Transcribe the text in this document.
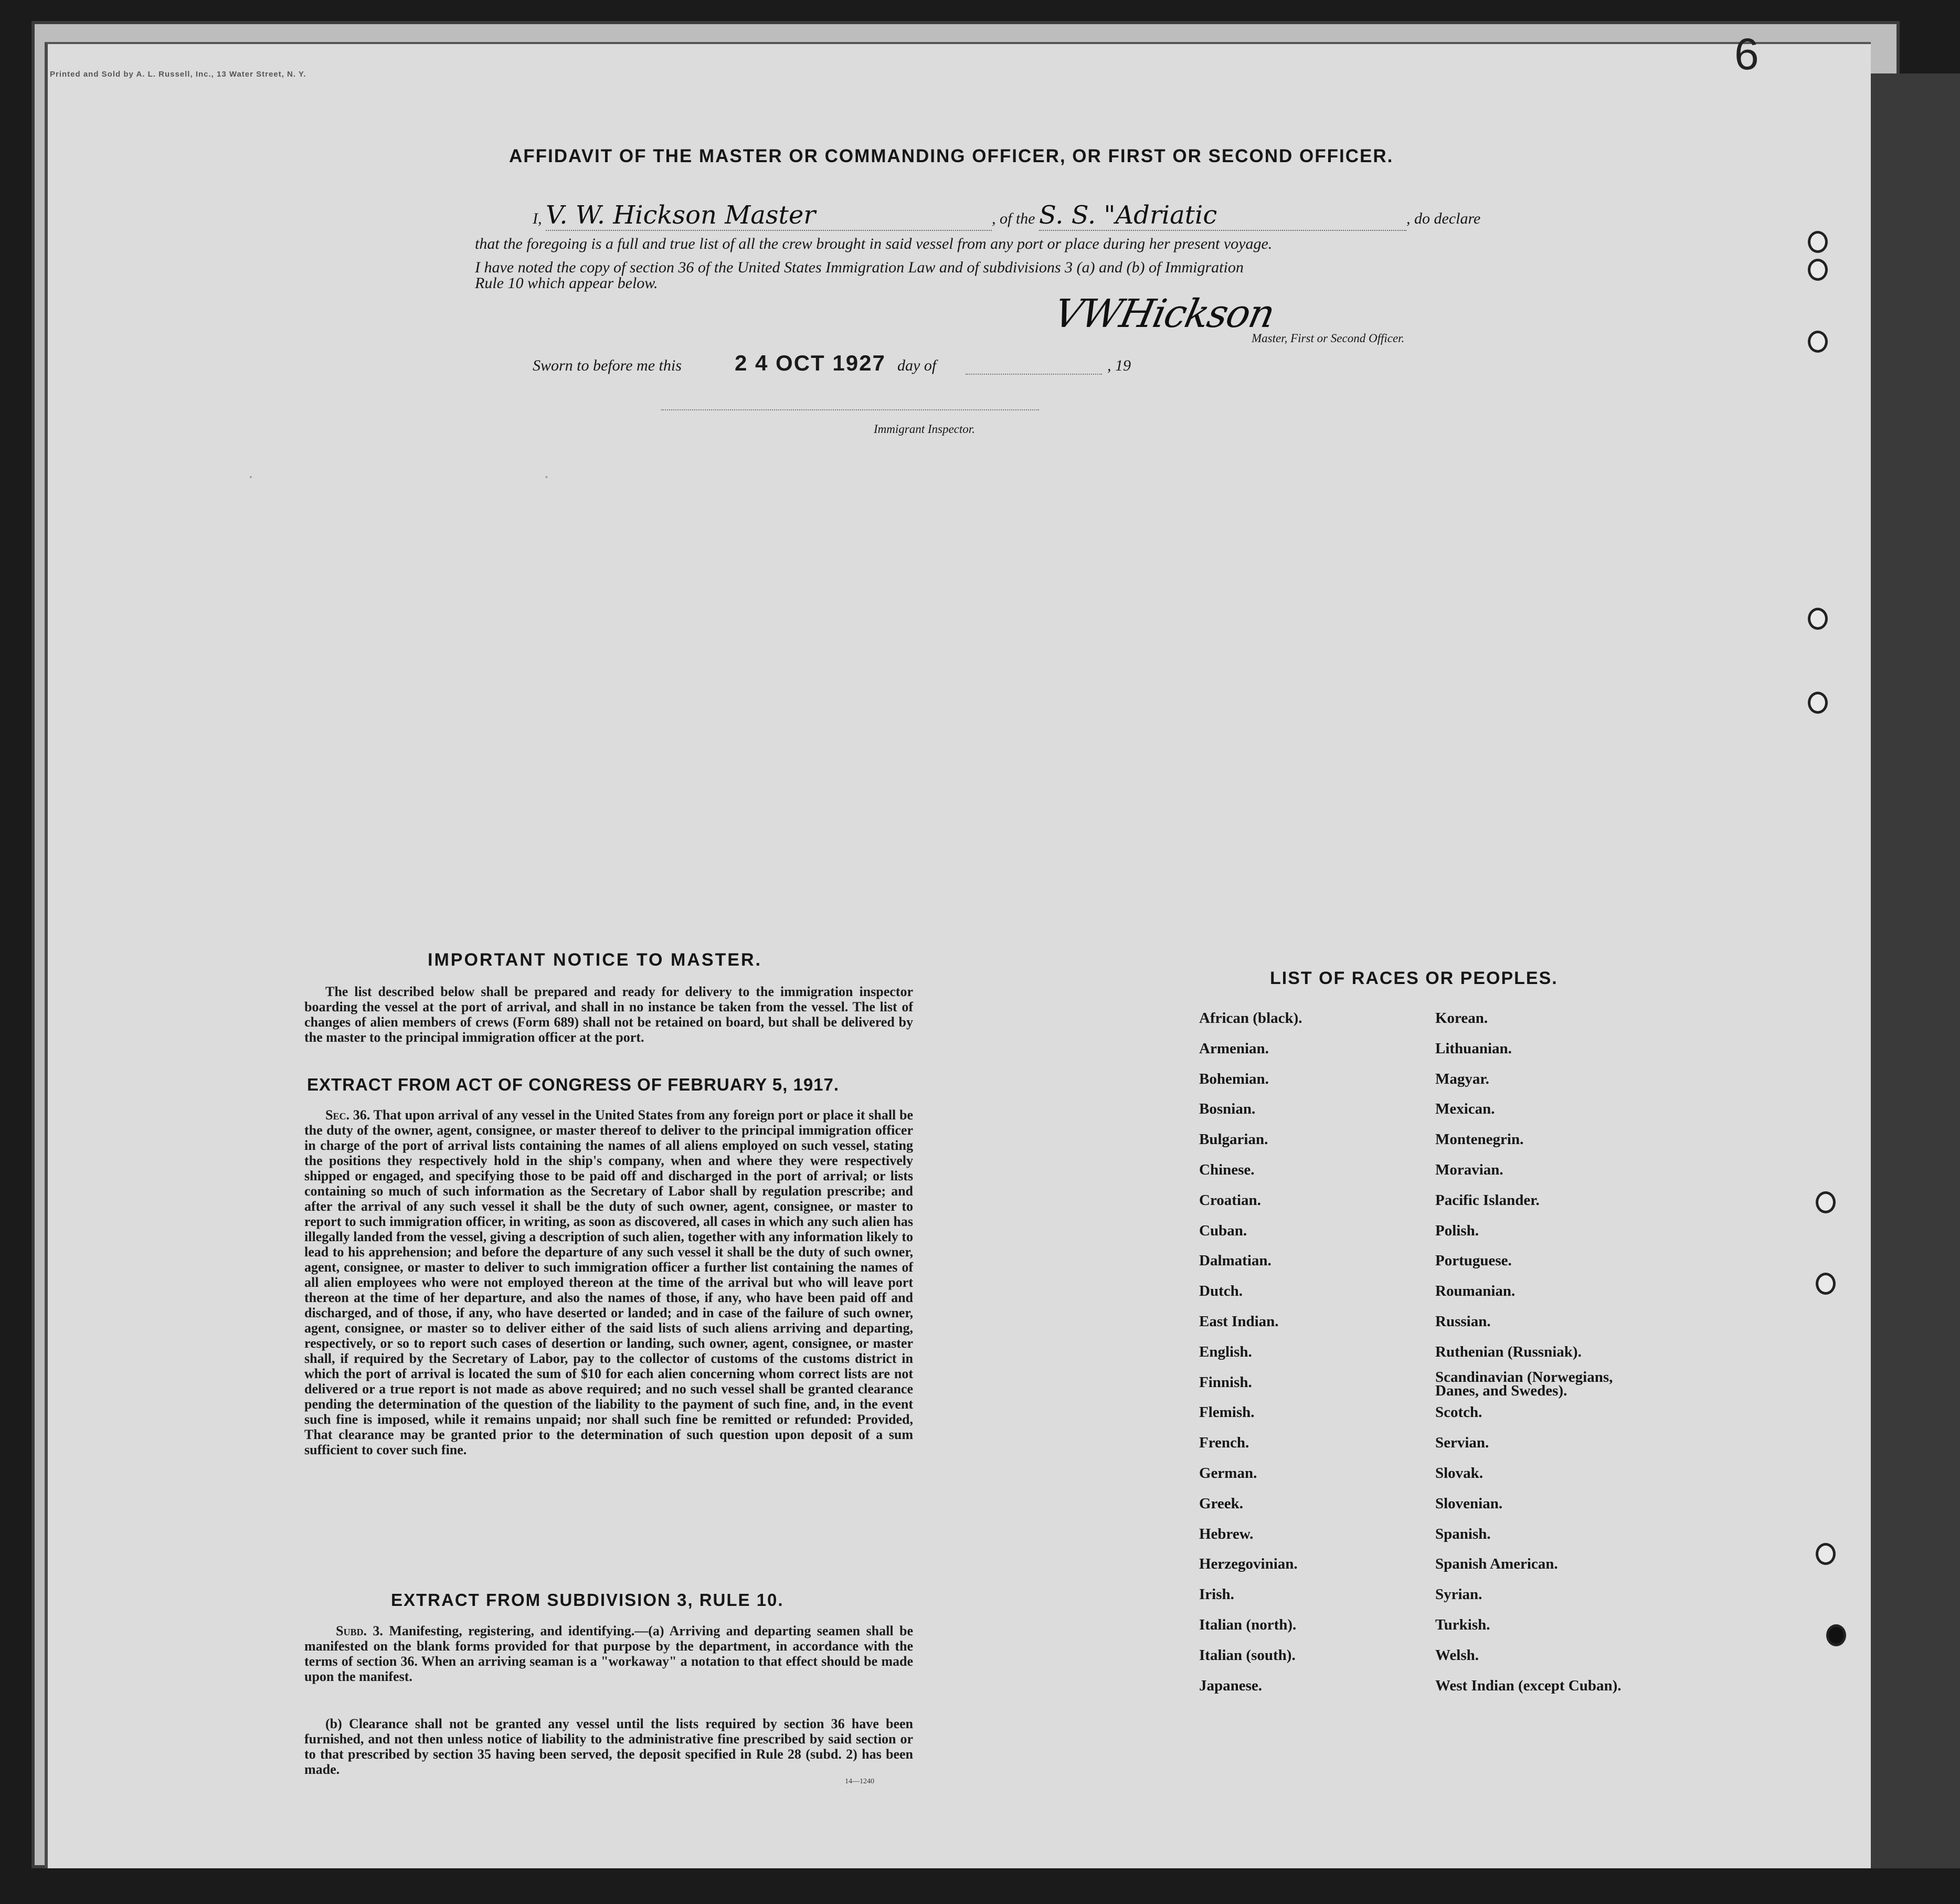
Printed and Sold by A. L. Russell, Inc., 13 Water Street, N. Y.	6
·                                   ·
AFFIDAVIT OF THE MASTER OR COMMANDING OFFICER, OR FIRST OR SECOND OFFICER.
I, V. W. Hickson Master	, of the S. S. "Adriatic	, do declare
that the foregoing is a full and true list of all the crew brought in said vessel from any port or place during her present voyage.
I have noted the copy of section 36 of the United States Immigration Law and of subdivisions 3 (a) and (b) of Immigration
Rule 10 which appear below.
VWHickson
Master, First or Second Officer.
Sworn to before me this 2 4 OCT 1927 day of	, 19
Immigrant Inspector.
IMPORTANT NOTICE TO MASTER.
The list described below shall be prepared and ready for delivery to the immigration inspector boarding the vessel at the port of arrival, and shall in no instance be taken from the vessel. The list of changes of alien members of crews (Form 689) shall not be retained on board, but shall be delivered by the master to the principal immigration officer at the port.
EXTRACT FROM ACT OF CONGRESS OF FEBRUARY 5, 1917.
Sec. 36. That upon arrival of any vessel in the United States from any foreign port or place it shall be the duty of the owner, agent, consignee, or master thereof to deliver to the principal immigration officer in charge of the port of arrival lists containing the names of all aliens employed on such vessel, stating the positions they respectively hold in the ship's company, when and where they were respectively shipped or engaged, and specifying those to be paid off and discharged in the port of arrival; or lists containing so much of such information as the Secretary of Labor shall by regulation prescribe; and after the arrival of any such vessel it shall be the duty of such owner, agent, consignee, or master to report to such immigration officer, in writing, as soon as discovered, all cases in which any such alien has illegally landed from the vessel, giving a description of such alien, together with any information likely to lead to his apprehension; and before the departure of any such vessel it shall be the duty of such owner, agent, consignee, or master to deliver to such immigration officer a further list containing the names of all alien employees who were not employed thereon at the time of the arrival but who will leave port thereon at the time of her departure, and also the names of those, if any, who have been paid off and discharged, and of those, if any, who have deserted or landed; and in case of the failure of such owner, agent, consignee, or master so to deliver either of the said lists of such aliens arriving and departing, respectively, or so to report such cases of desertion or landing, such owner, agent, consignee, or master shall, if required by the Secretary of Labor, pay to the collector of customs of the customs district in which the port of arrival is located the sum of $10 for each alien concerning whom correct lists are not delivered or a true report is not made as above required; and no such vessel shall be granted clearance pending the determination of the question of the liability to the payment of such fine, and, in the event such fine is imposed, while it remains unpaid; nor shall such fine be remitted or refunded: Provided, That clearance may be granted prior to the determination of such question upon deposit of a sum sufficient to cover such fine.
EXTRACT FROM SUBDIVISION 3, RULE 10.
Subd. 3. Manifesting, registering, and identifying.—(a) Arriving and departing seamen shall be manifested on the blank forms provided for that purpose by the department, in accordance with the terms of section 36. When an arriving seaman is a "workaway" a notation to that effect should be made upon the manifest.
(b) Clearance shall not be granted any vessel until the lists required by section 36 have been furnished, and not then unless notice of liability to the administrative fine prescribed by said section or to that prescribed by section 35 having been served, the deposit specified in Rule 28 (subd. 2) has been made.
14—1240
LIST OF RACES OR PEOPLES.
African (black).	Korean.
Armenian.	Lithuanian.
Bohemian.	Magyar.
Bosnian.	Mexican.
Bulgarian.	Montenegrin.
Chinese.	Moravian.
Croatian.	Pacific Islander.
Cuban.	Polish.
Dalmatian.	Portuguese.
Dutch.	Roumanian.
East Indian.	Russian.
English.	Ruthenian (Russniak).
Finnish.	Scandinavian (Norwegians, Danes, and Swedes).
Flemish.	Scotch.
French.	Servian.
German.	Slovak.
Greek.	Slovenian.
Hebrew.	Spanish.
Herzegovinian.	Spanish American.
Irish.	Syrian.
Italian (north).	Turkish.
Italian (south).	Welsh.
Japanese.	West Indian (except Cuban).
